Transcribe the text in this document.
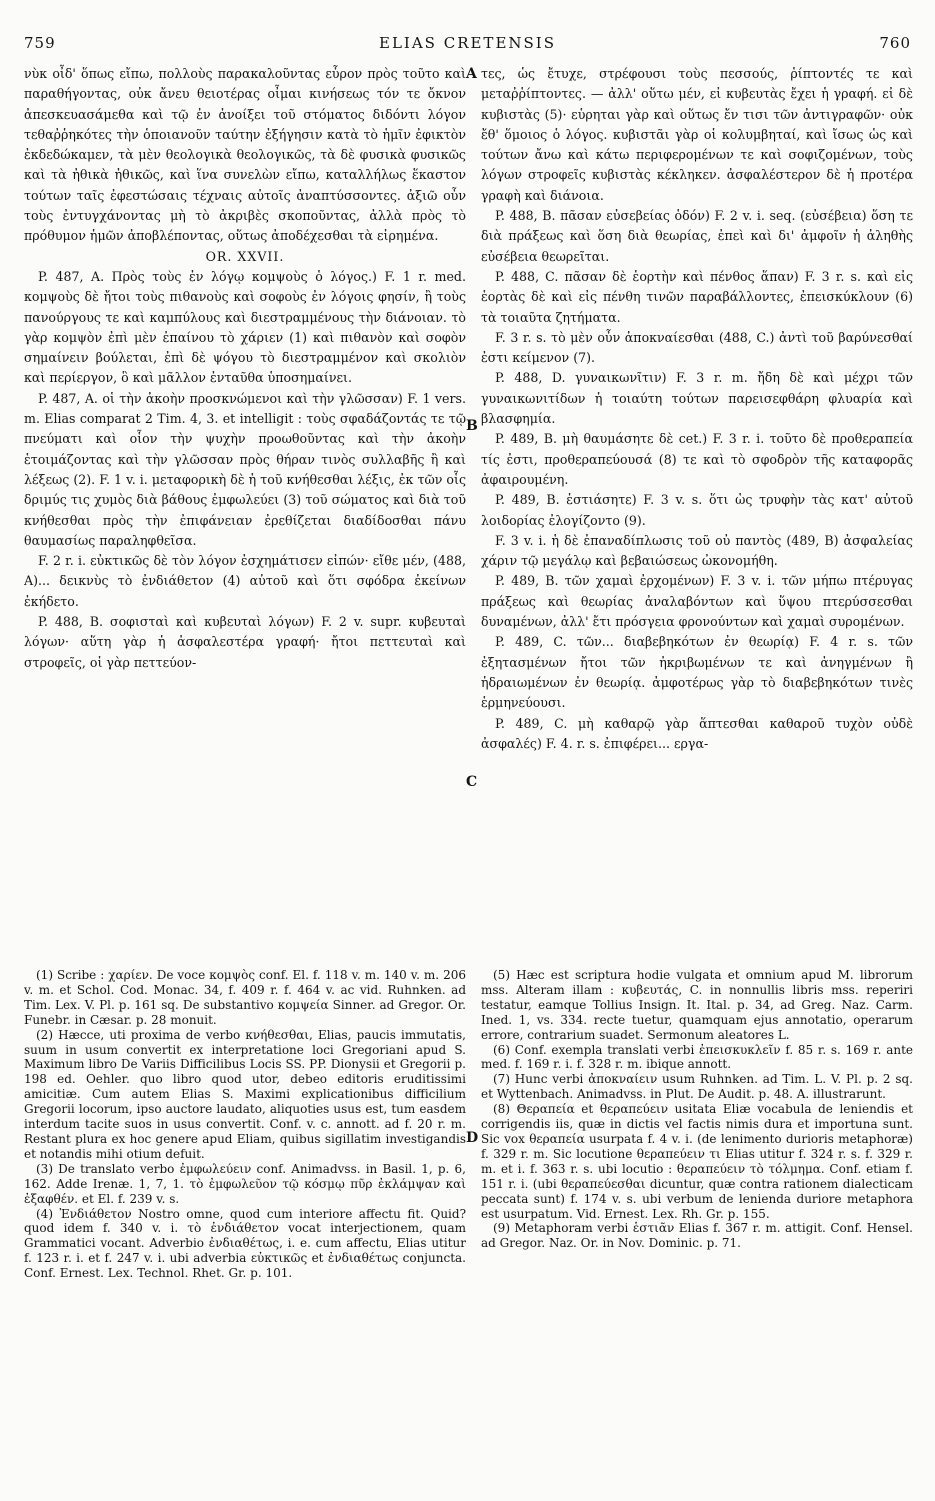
759	ELIAS CRETENSIS	760

νὺκ οἶδ' ὅπως εἴπω, πολλοὺς παρακαλοῦντας εὗρον πρὸς τοῦτο καὶ παραθήγοντας, οὐκ ἄνευ θειοτέρας οἶμαι κινήσεως τόν τε ὄκνον ἀπεσκευασάμεθα καὶ τῷ ἐν ἀνοίξει τοῦ στόματος διδόντι λόγον τεθαῤῥηκότες τὴν ὁποιανοῦν ταύτην ἐξήγησιν κατὰ τὸ ἡμῖν ἐφικτὸν ἐκδεδώκαμεν, τὰ μὲν θεολογικὰ θεολογικῶς, τὰ δὲ φυσικὰ φυσικῶς καὶ τὰ ἠθικὰ ἠθικῶς, καὶ ἵνα συνελὼν εἴπω, καταλλήλως ἕκαστον τούτων ταῖς ἐφεστώσαις τέχναις αὐτοῖς ἀναπτύσσοντες. ἀξιῶ οὖν τοὺς ἐντυγχάνοντας μὴ τὸ ἀκριβὲς σκοποῦντας, ἀλλὰ πρὸς τὸ πρόθυμον ἡμῶν ἀποβλέποντας, οὕτως ἀποδέχεσθαι τὰ εἰρημένα.

OR. XXVII.

P. 487, A. Πρὸς τοὺς ἐν λόγῳ κομψοὺς ὁ λόγος.) F. 1 r. med. κομψοὺς δὲ ἤτοι τοὺς πιθανοὺς καὶ σοφοὺς ἐν λόγοις φησίν, ἢ τοὺς πανούργους τε καὶ καμπύλους καὶ διεστραμμένους τὴν διάνοιαν. τὸ γὰρ κομψὸν ἐπὶ μὲν ἐπαίνου τὸ χάριεν (1) καὶ πιθανὸν καὶ σοφὸν σημαίνειν βούλεται, ἐπὶ δὲ ψόγου τὸ διεστραμμένον καὶ σκολιὸν καὶ περίεργον, ὃ καὶ μᾶλλον ἐνταῦθα ὑποσημαίνει.

P. 487, A. οἱ τὴν ἀκοὴν προσκνώμενοι καὶ τὴν γλῶσσαν) F. 1 vers. m. Elias comparat 2 Tim. 4, 3. et intelligit : τοὺς σφαδάζοντάς τε τῷ πνεύματι καὶ οἷον τὴν ψυχὴν προωθοῦντας καὶ τὴν ἀκοὴν ἑτοιμάζοντας καὶ τὴν γλῶσσαν πρὸς θήραν τινὸς συλλαβῆς ἢ καὶ λέξεως (2). F. 1 v. i. μεταφορικὴ δὲ ἡ τοῦ κνήθεσθαι λέξις, ἐκ τῶν οἷς δριμύς τις χυμὸς διὰ βάθους ἐμφωλεύει (3) τοῦ σώματος καὶ διὰ τοῦ κνήθεσθαι πρὸς τὴν ἐπιφάνειαν ἐρεθίζεται διαδίδοσθαι πάνυ θαυμασίως παραληφθεῖσα.

F. 2 r. i. εὐκτικῶς δὲ τὸν λόγον ἐσχημάτισεν εἰπών· εἴθε μέν, (488, A)... δεικνὺς τὸ ἐνδιάθετον (4) αὐτοῦ καὶ ὅτι σφόδρα ἐκείνων ἐκήδετο.

P. 488, B. σοφισταὶ καὶ κυβευταὶ λόγων) F. 2 v. supr. κυβευταὶ λόγων· αὕτη γὰρ ἡ ἀσφαλεστέρα γραφή· ἤτοι πεττευταὶ καὶ στροφεῖς, οἱ γὰρ πεττεύον-

τες, ὡς ἔτυχε, στρέφουσι τοὺς πεσσούς, ῥίπτοντές τε καὶ μεταῤῥίπτοντες. — ἀλλ' οὕτω μέν, εἰ κυβευτὰς ἔχει ἡ γραφή. εἰ δὲ κυβιστὰς (5)· εὑρηται γὰρ καὶ οὕτως ἔν τισι τῶν ἀντιγραφῶν· οὐκ ἔθ' ὅμοιος ὁ λόγος. κυβιστᾶι γὰρ οἱ κολυμβηταί, καὶ ἴσως ὡς καὶ τούτων ἄνω καὶ κάτω περιφερομένων τε καὶ σοφιζομένων, τοὺς λόγων στροφεῖς κυβιστὰς κέκληκεν. ἀσφαλέστερον δὲ ἡ προτέρα γραφὴ καὶ διάνοια.

P. 488, B. πᾶσαν εὐσεβείας ὁδόν) F. 2 v. i. seq. (εὐσέβεια) ὅση τε διὰ πράξεως καὶ ὅση διὰ θεωρίας, ἐπεὶ καὶ δι' ἀμφοῖν ἡ ἀληθὴς εὐσέβεια θεωρεῖται.

P. 488, C. πᾶσαν δὲ ἑορτὴν καὶ πένθος ἅπαν) F. 3 r. s. καὶ εἰς ἑορτὰς δὲ καὶ εἰς πένθη τινῶν παραβάλλοντες, ἐπεισκύκλουν (6) τὰ τοιαῦτα ζητήματα.

F. 3 r. s. τὸ μὲν οὖν ἀποκναίεσθαι (488, C.) ἀντὶ τοῦ βαρύνεσθαί ἐστι κείμενον (7).

P. 488, D. γυναικωνῖτιν) F. 3 r. m. ἤδη δὲ καὶ μέχρι τῶν γυναικωνιτίδων ἡ τοιαύτη τούτων παρεισεφθάρη φλυαρία καὶ βλασφημία.

P. 489, B. μὴ θαυμάσητε δὲ cet.) F. 3 r. i. τοῦτο δὲ προθεραπεία τίς ἐστι, προθεραπεύουσά (8) τε καὶ τὸ σφοδρὸν τῆς καταφορᾶς ἀφαιρουμένη.

P. 489, B. ἑστιάσητε) F. 3 v. s. ὅτι ὡς τρυφὴν τὰς κατ' αὐτοῦ λοιδορίας ἐλογίζοντο (9).

F. 3 v. i. ἡ δὲ ἐπαναδίπλωσις τοῦ οὐ παντὸς (489, B) ἀσφαλείας χάριν τῷ μεγάλῳ καὶ βεβαιώσεως ὠκονομήθη.

P. 489, B. τῶν χαμαὶ ἐρχομένων) F. 3 v. i. τῶν μήπω πτέρυγας πράξεως καὶ θεωρίας ἀναλαβόντων καὶ ὕψου πτερύσσεσθαι δυναμένων, ἀλλ' ἔτι πρόσγεια φρονούντων καὶ χαμαὶ συρομένων.

P. 489, C. τῶν... διαβεβηκότων ἐν θεωρίᾳ) F. 4 r. s. τῶν ἐξητασμένων ἤτοι τῶν ἠκριβωμένων τε καὶ ἀνηγμένων ἢ ἡδραιωμένων ἐν θεωρίᾳ. ἀμφοτέρως γὰρ τὸ διαβεβηκότων τινὲς ἑρμηνεύουσι.

P. 489, C. μὴ καθαρῷ γὰρ ἅπτεσθαι καθαροῦ τυχὸν οὐδὲ ἀσφαλές) F. 4. r. s. ἐπιφέρει... εργα-

A
B
C
D

(1) Scribe : χαρίεν. De voce κομψὸς conf. El. f. 118 v. m. 140 v. m. 206 v. m. et Schol. Cod. Monac. 34, f. 409 r. f. 464 v. ac vid. Ruhnken. ad Tim. Lex. V. Pl. p. 161 sq. De substantivo κομψεία Sinner. ad Gregor. Or. Funebr. in Cæsar. p. 28 monuit.

(2) Hæcce, uti proxima de verbo κνήθεσθαι, Elias, paucis immutatis, suum in usum convertit ex interpretatione loci Gregoriani apud S. Maximum libro De Variis Difficilibus Locis SS. PP. Dionysii et Gregorii p. 198 ed. Oehler. quo libro quod utor, debeo editoris eruditissimi amicitiæ. Cum autem Elias S. Maximi explicationibus difficilium Gregorii locorum, ipso auctore laudato, aliquoties usus est, tum easdem interdum tacite suos in usus convertit. Conf. v. c. annott. ad f. 20 r. m. Restant plura ex hoc genere apud Eliam, quibus sigillatim investigandis et notandis mihi otium defuit.

(3) De translato verbo ἐμφωλεύειν conf. Animadvss. in Basil. 1, p. 6, 162. Adde Irenæ. 1, 7, 1. τὸ ἐμφωλεῦον τῷ κόσμῳ πῦρ ἐκλάμψαν καὶ ἐξαφθέν. et El. f. 239 v. s.

(4) Ἐνδιάθετον Nostro omne, quod cum interiore affectu fit. Quid? quod idem f. 340 v. i. τὸ ἐνδιάθετον vocat interjectionem, quam Grammatici vocant. Adverbio ἐνδιαθέτως, i. e. cum affectu, Elias utitur f. 123 r. i. et f. 247 v. i. ubi adverbia εὐκτικῶς et ἐνδιαθέτως conjuncta. Conf. Ernest. Lex. Technol. Rhet. Gr. p. 101.

(5) Hæc est scriptura hodie vulgata et omnium apud M. librorum mss. Alteram illam : κυβευτάς, C. in nonnullis libris mss. reperiri testatur, eamque Tollius Insign. It. Ital. p. 34, ad Greg. Naz. Carm. Ined. 1, vs. 334. recte tuetur, quamquam ejus annotatio, operarum errore, contrarium suadet. Sermonum aleatores L.

(6) Conf. exempla translati verbi ἐπεισκυκλεῖν f. 85 r. s. 169 r. ante med. f. 169 r. i. f. 328 r. m. ibique annott.

(7) Hunc verbi ἀποκναίειν usum Ruhnken. ad Tim. L. V. Pl. p. 2 sq. et Wyttenbach. Animadvss. in Plut. De Audit. p. 48. A. illustrarunt.

(8) Θεραπεία et θεραπεύειν usitata Eliæ vocabula de leniendis et corrigendis iis, quæ in dictis vel factis nimis dura et importuna sunt. Sic vox θεραπεία usurpata f. 4 v. i. (de lenimento durioris metaphoræ) f. 329 r. m. Sic locutione θεραπεύειν τι Elias utitur f. 324 r. s. f. 329 r. m. et i. f. 363 r. s. ubi locutio : θεραπεύειν τὸ τόλμημα. Conf. etiam f. 151 r. i. (ubi θεραπεύεσθαι dicuntur, quæ contra rationem dialecticam peccata sunt) f. 174 v. s. ubi verbum de lenienda duriore metaphora est usurpatum. Vid. Ernest. Lex. Rh. Gr. p. 155.

(9) Metaphoram verbi ἑστιᾶν Elias f. 367 r. m. attigit. Conf. Hensel. ad Gregor. Naz. Or. in Nov. Dominic. p. 71.
